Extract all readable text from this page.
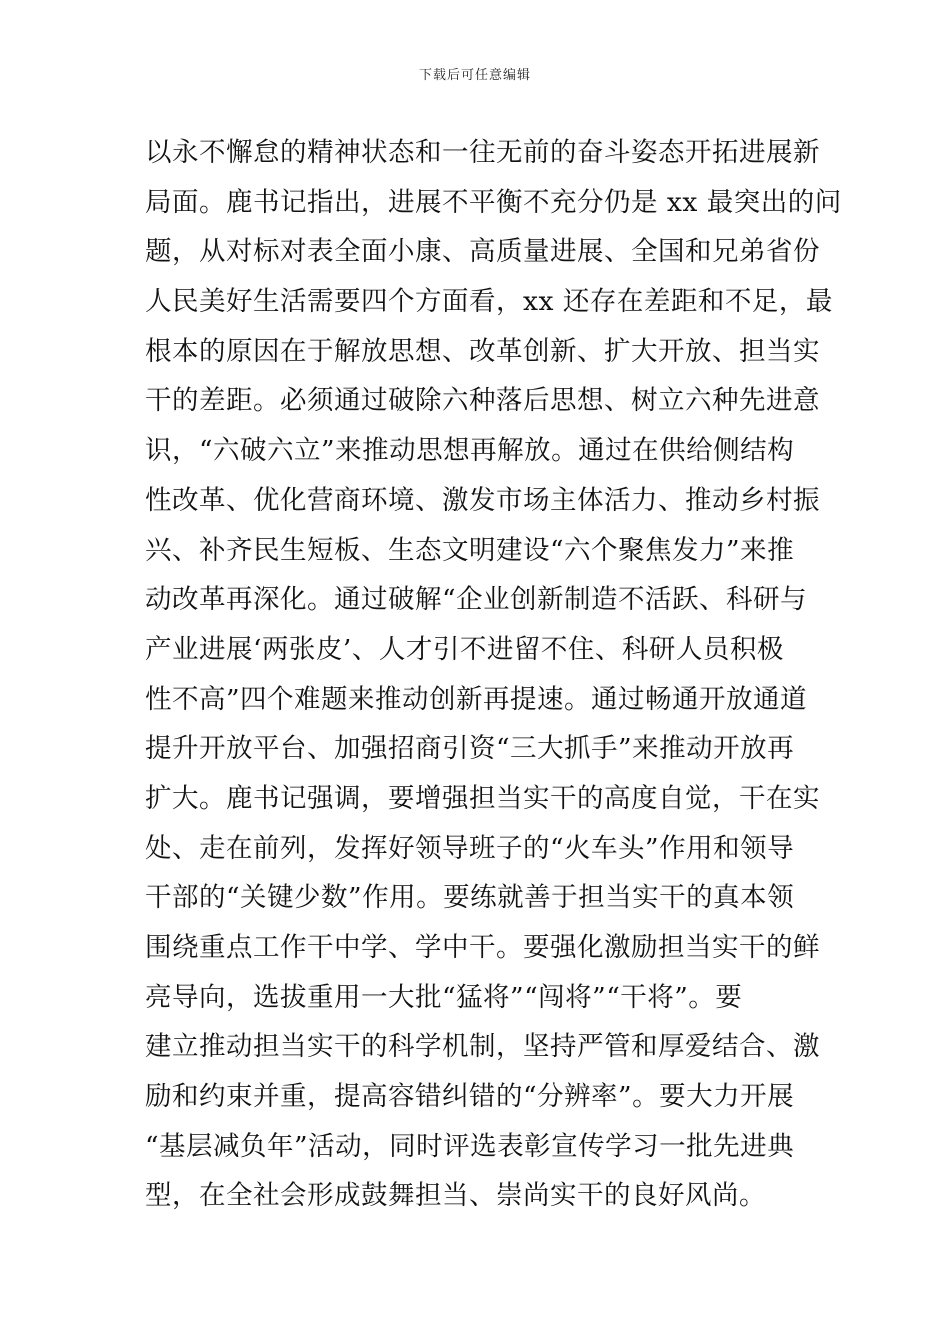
下载后可任意编辑
以永不懈怠的精神状态和一往无前的奋斗姿态开拓进展新
局面。鹿书记指出，进展不平衡不充分仍是 xx 最突出的问
题，从对标对表全面小康、高质量进展、全国和兄弟省份
人民美好生活需要四个方面看，xx 还存在差距和不足，最
根本的原因在于解放思想、改革创新、扩大开放、担当实
干的差距。必须通过破除六种落后思想、树立六种先进意
识，“六破六立”来推动思想再解放。通过在供给侧结构
性改革、优化营商环境、激发市场主体活力、推动乡村振
兴、补齐民生短板、生态文明建设“六个聚焦发力”来推
动改革再深化。通过破解“企业创新制造不活跃、科研与
产业进展‘两张皮’、人才引不进留不住、科研人员积极
性不高”四个难题来推动创新再提速。通过畅通开放通道
提升开放平台、加强招商引资“三大抓手”来推动开放再
扩大。鹿书记强调，要增强担当实干的高度自觉，干在实
处、走在前列，发挥好领导班子的“火车头”作用和领导
干部的“关键少数”作用。要练就善于担当实干的真本领
围绕重点工作干中学、学中干。要强化激励担当实干的鲜
亮导向，选拔重用一大批“猛将”“闯将”“干将”。要
建立推动担当实干的科学机制，坚持严管和厚爱结合、激
励和约束并重，提高容错纠错的“分辨率”。要大力开展
“基层减负年”活动，同时评选表彰宣传学习一批先进典
型，在全社会形成鼓舞担当、崇尚实干的良好风尚。
